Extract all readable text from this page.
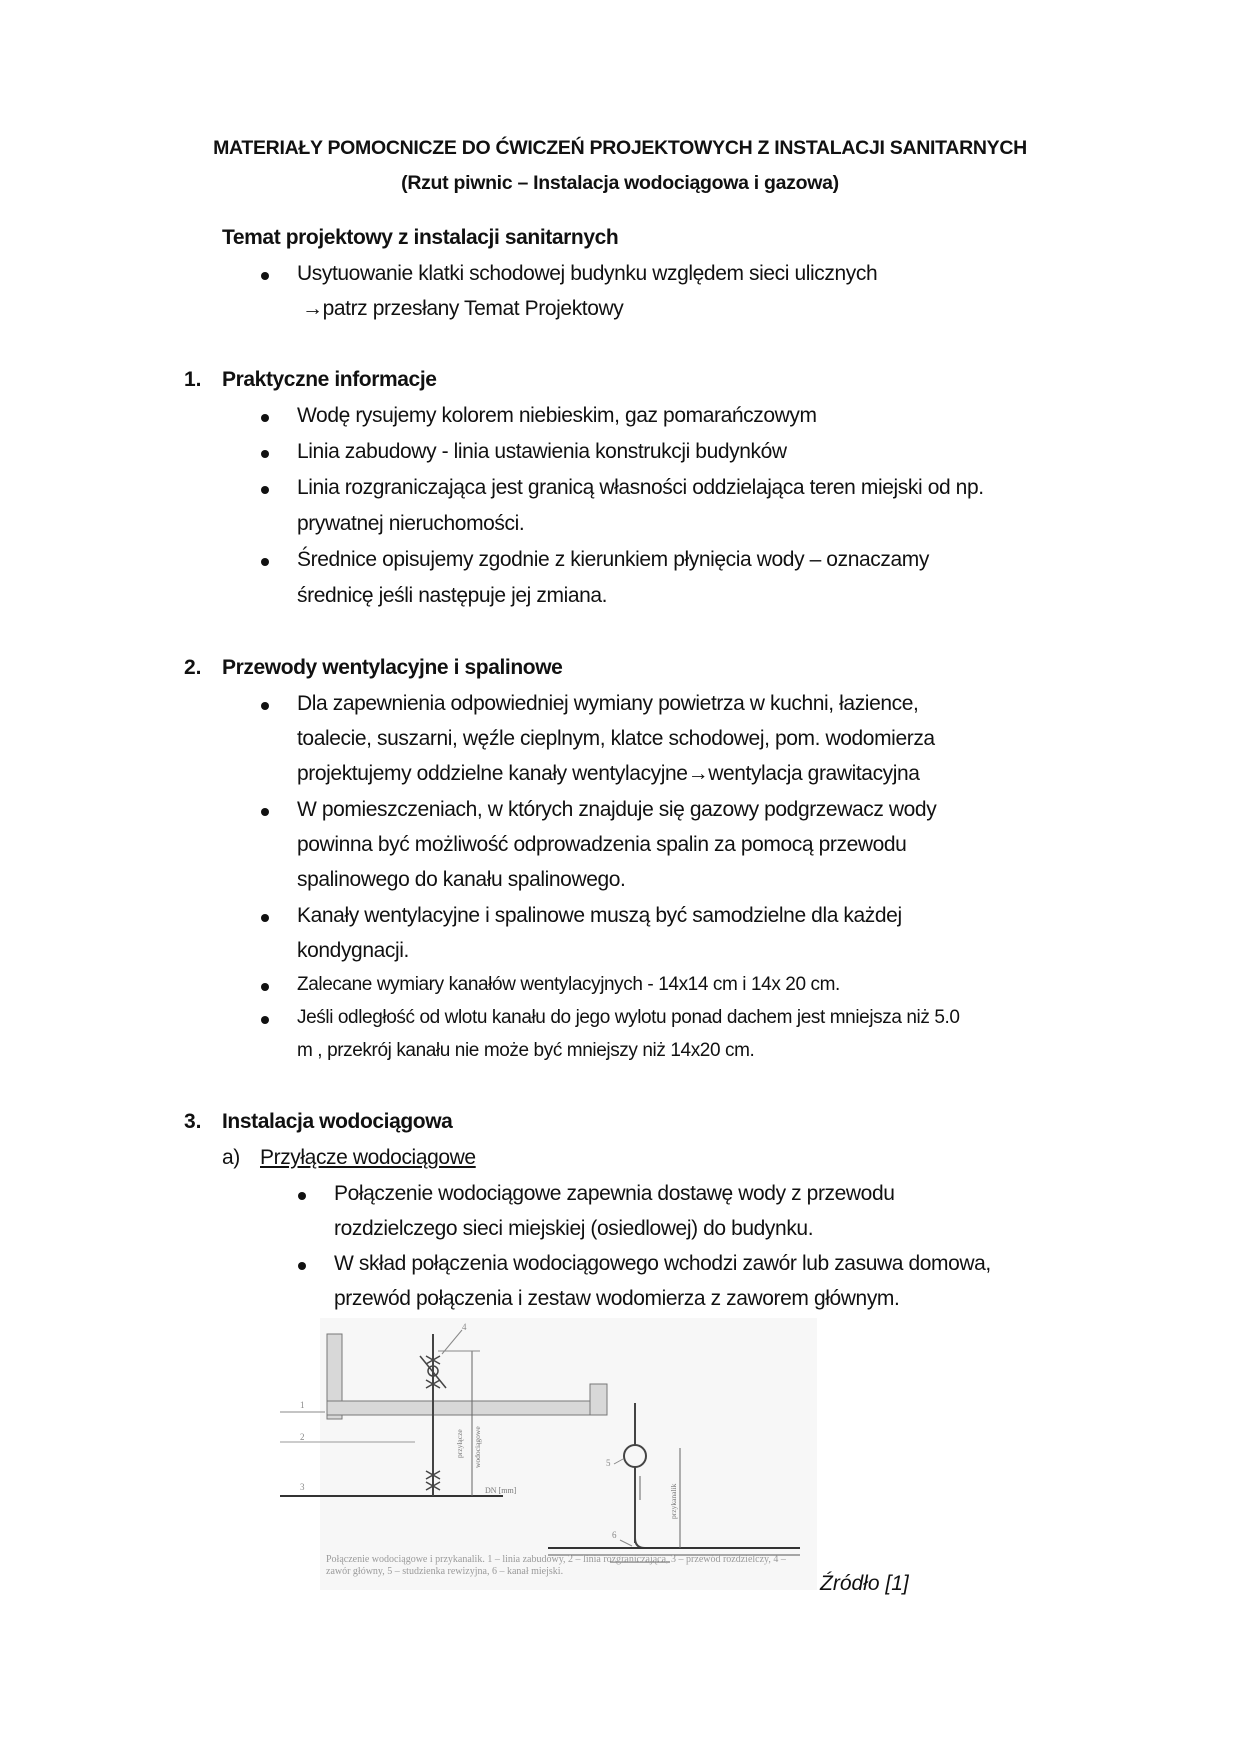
MATERIAŁY POMOCNICZE DO ĆWICZEŃ PROJEKTOWYCH Z INSTALACJI SANITARNYCH
(Rzut piwnic – Instalacja wodociągowa i gazowa)
Temat projektowy z instalacji sanitarnych
Usytuowanie klatki schodowej budynku względem sieci ulicznych
→patrz przesłany Temat Projektowy
1. Praktyczne informacje
Wodę rysujemy kolorem niebieskim, gaz pomarańczowym
Linia zabudowy - linia ustawienia konstrukcji budynków
Linia rozgraniczająca jest granicą własności oddzielająca teren miejski od np.
prywatnej nieruchomości.
Średnice opisujemy zgodnie z kierunkiem płynięcia wody – oznaczamy
średnicę jeśli następuje jej zmiana.
2. Przewody wentylacyjne i spalinowe
Dla zapewnienia odpowiedniej wymiany powietrza w kuchni, łazience,
toalecie, suszarni, węźle cieplnym, klatce schodowej, pom. wodomierza
projektujemy oddzielne kanały wentylacyjne→wentylacja grawitacyjna
W pomieszczeniach, w których znajduje się gazowy podgrzewacz wody
powinna być możliwość odprowadzenia spalin za pomocą przewodu
spalinowego do kanału spalinowego.
Kanały wentylacyjne i spalinowe muszą być samodzielne dla każdej
kondygnacji.
Zalecane wymiary kanałów wentylacyjnych - 14x14 cm i 14x 20 cm.
Jeśli odległość od wlotu kanału do jego wylotu ponad dachem jest mniejsza niż 5.0
m , przekrój kanału nie może być mniejszy niż 14x20 cm.
3. Instalacja wodociągowa
a) Przyłącze wodociągowe
Połączenie wodociągowe zapewnia dostawę wody z przewodu
rozdzielczego sieci miejskiej (osiedlowej) do budynku.
W skład połączenia wodociągowego wchodzi zawór lub zasuwa domowa,
przewód połączenia i zestaw wodomierza z zaworem głównym.
4
przyłącze wodociągowe
DN [mm]	przykanalik
1
2
3
5
6
Połączenie wodociągowe i przykanalik. 1 – linia zabudowy, 2 – linia rozgraniczająca, 3 – przewód rozdzielczy, 4 – zawór główny, 5 – studzienka rewizyjna, 6 – kanał miejski.
Źródło [1]
